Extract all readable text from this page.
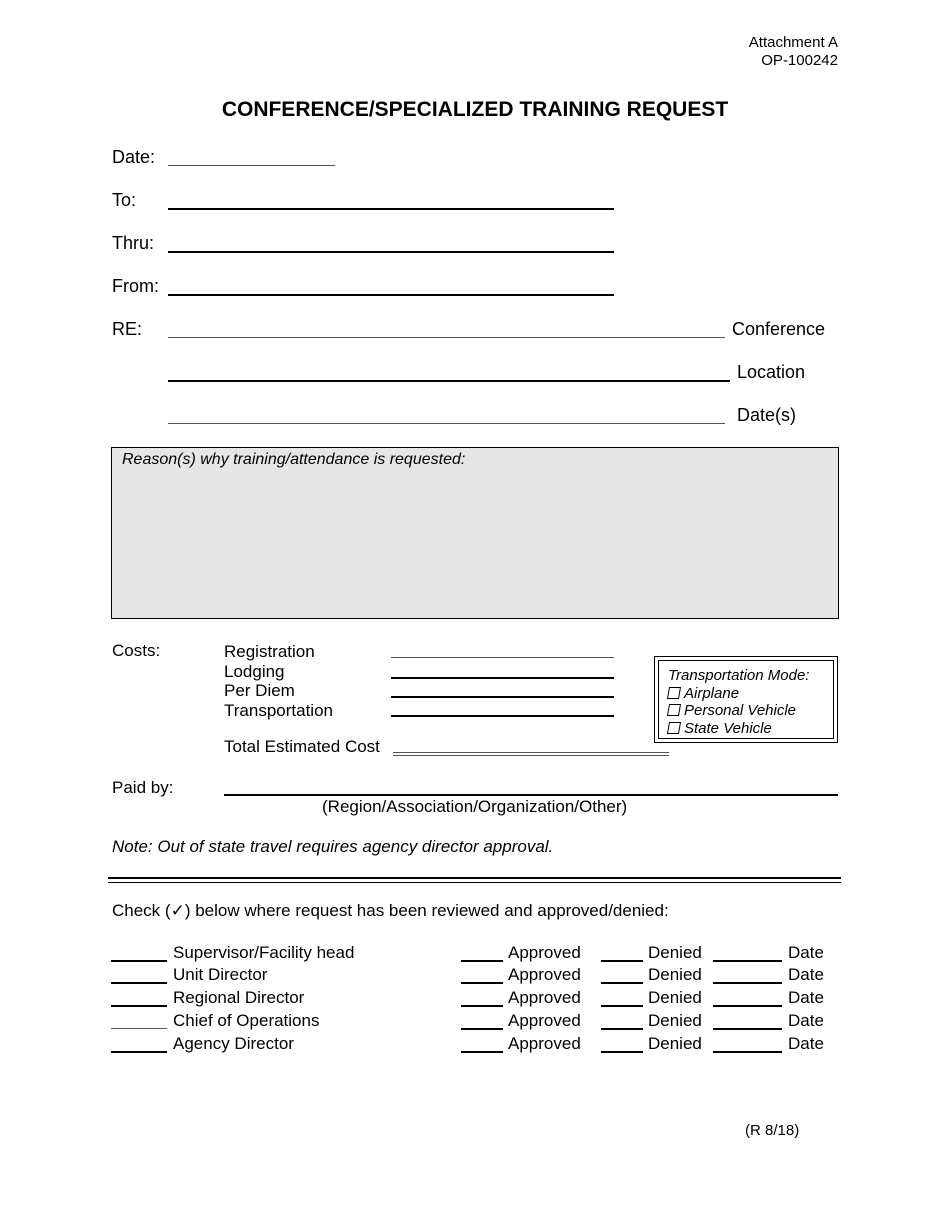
Attachment A
OP-100242
CONFERENCE/SPECIALIZED TRAINING REQUEST
Date:
To:
Thru:
From:
RE:	Conference
Location
Date(s)
Reason(s) why training/attendance is requested:
Costs:	Registration
Lodging
Per Diem
Transportation
Total Estimated Cost
Transportation Mode:
Airplane
Personal Vehicle
State Vehicle
Paid by:
(Region/Association/Organization/Other)
Note: Out of state travel requires agency director approval.
Check (✓) below where request has been reviewed and approved/denied:
Supervisor/Facility head	Approved	Denied	Date
Unit Director	Approved	Denied	Date
Regional Director	Approved	Denied	Date
Chief of Operations	Approved	Denied	Date
Agency Director	Approved	Denied	Date
(R 8/18)
